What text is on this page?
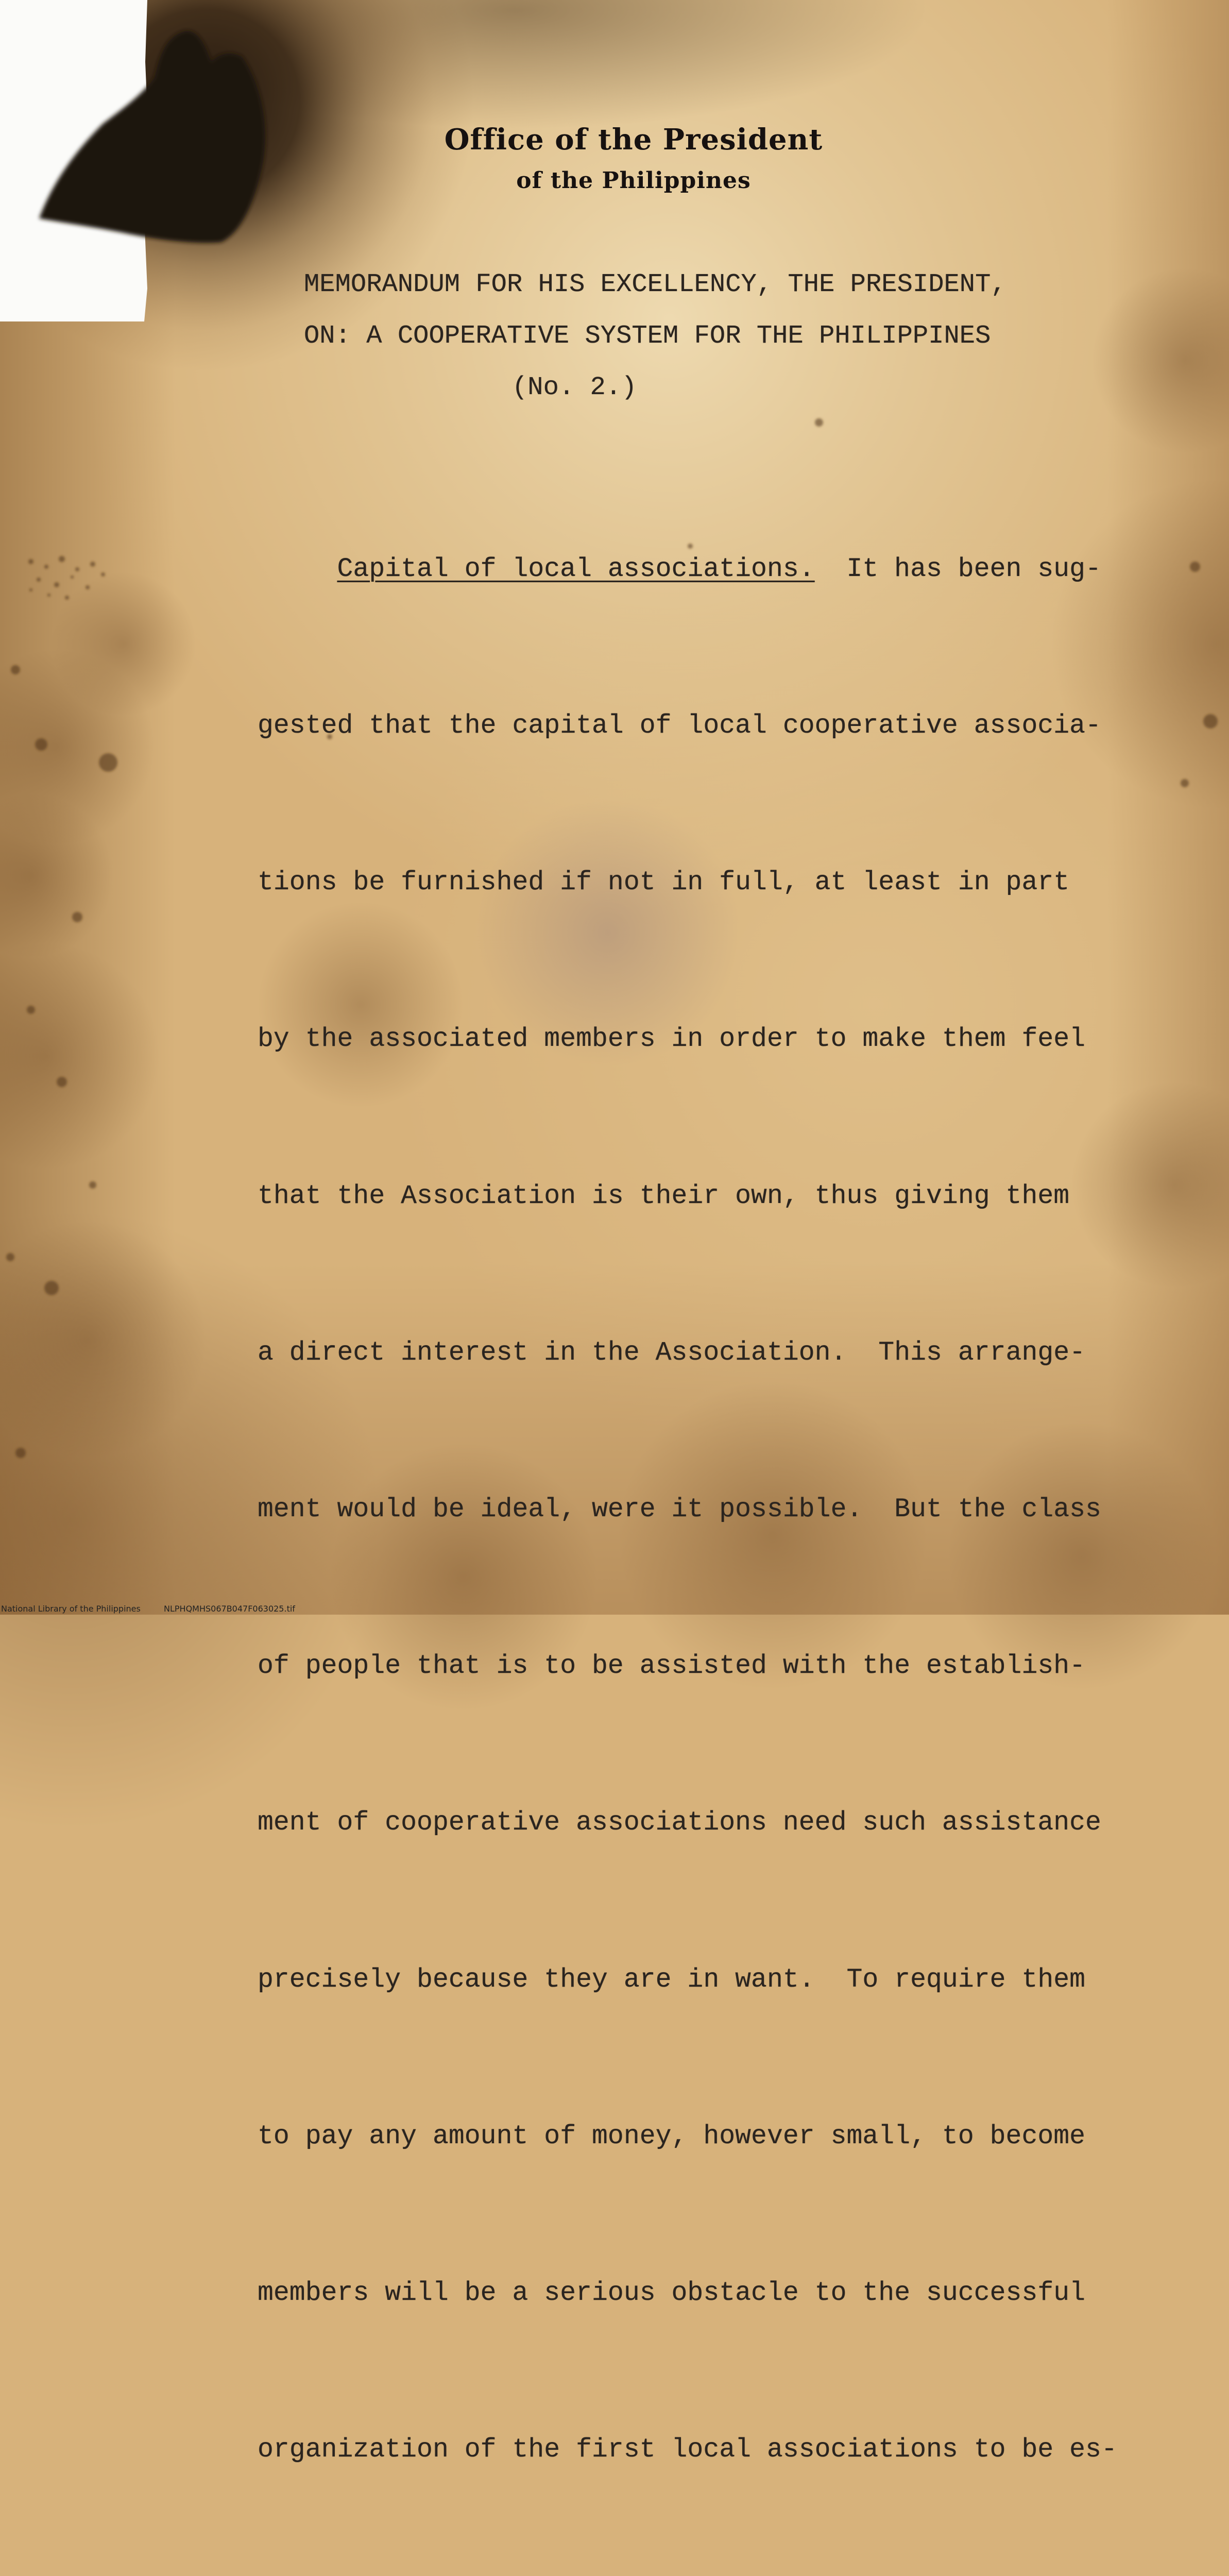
Office of the President
of the Philippines
MEMORANDUM FOR HIS EXCELLENCY, THE PRESIDENT,
ON: A COOPERATIVE SYSTEM FOR THE PHILIPPINES
(No. 2.)

Capital of local associations. It has been sug-

gested that the capital of local cooperative associa-

tions be furnished if not in full, at least in part

by the associated members in order to make them feel

that the Association is their own, thus giving them

a direct interest in the Association.  This arrange-

ment would be ideal, were it possible.  But the class

of people that is to be assisted with the establish-

ment of cooperative associations need such assistance

precisely because they are in want.  To require them

to pay any amount of money, however small, to become

members will be a serious obstacle to the successful

organization of the first local associations to be es-

National Library of the Philippines	NLPHQMHS067B047F063025.tif
